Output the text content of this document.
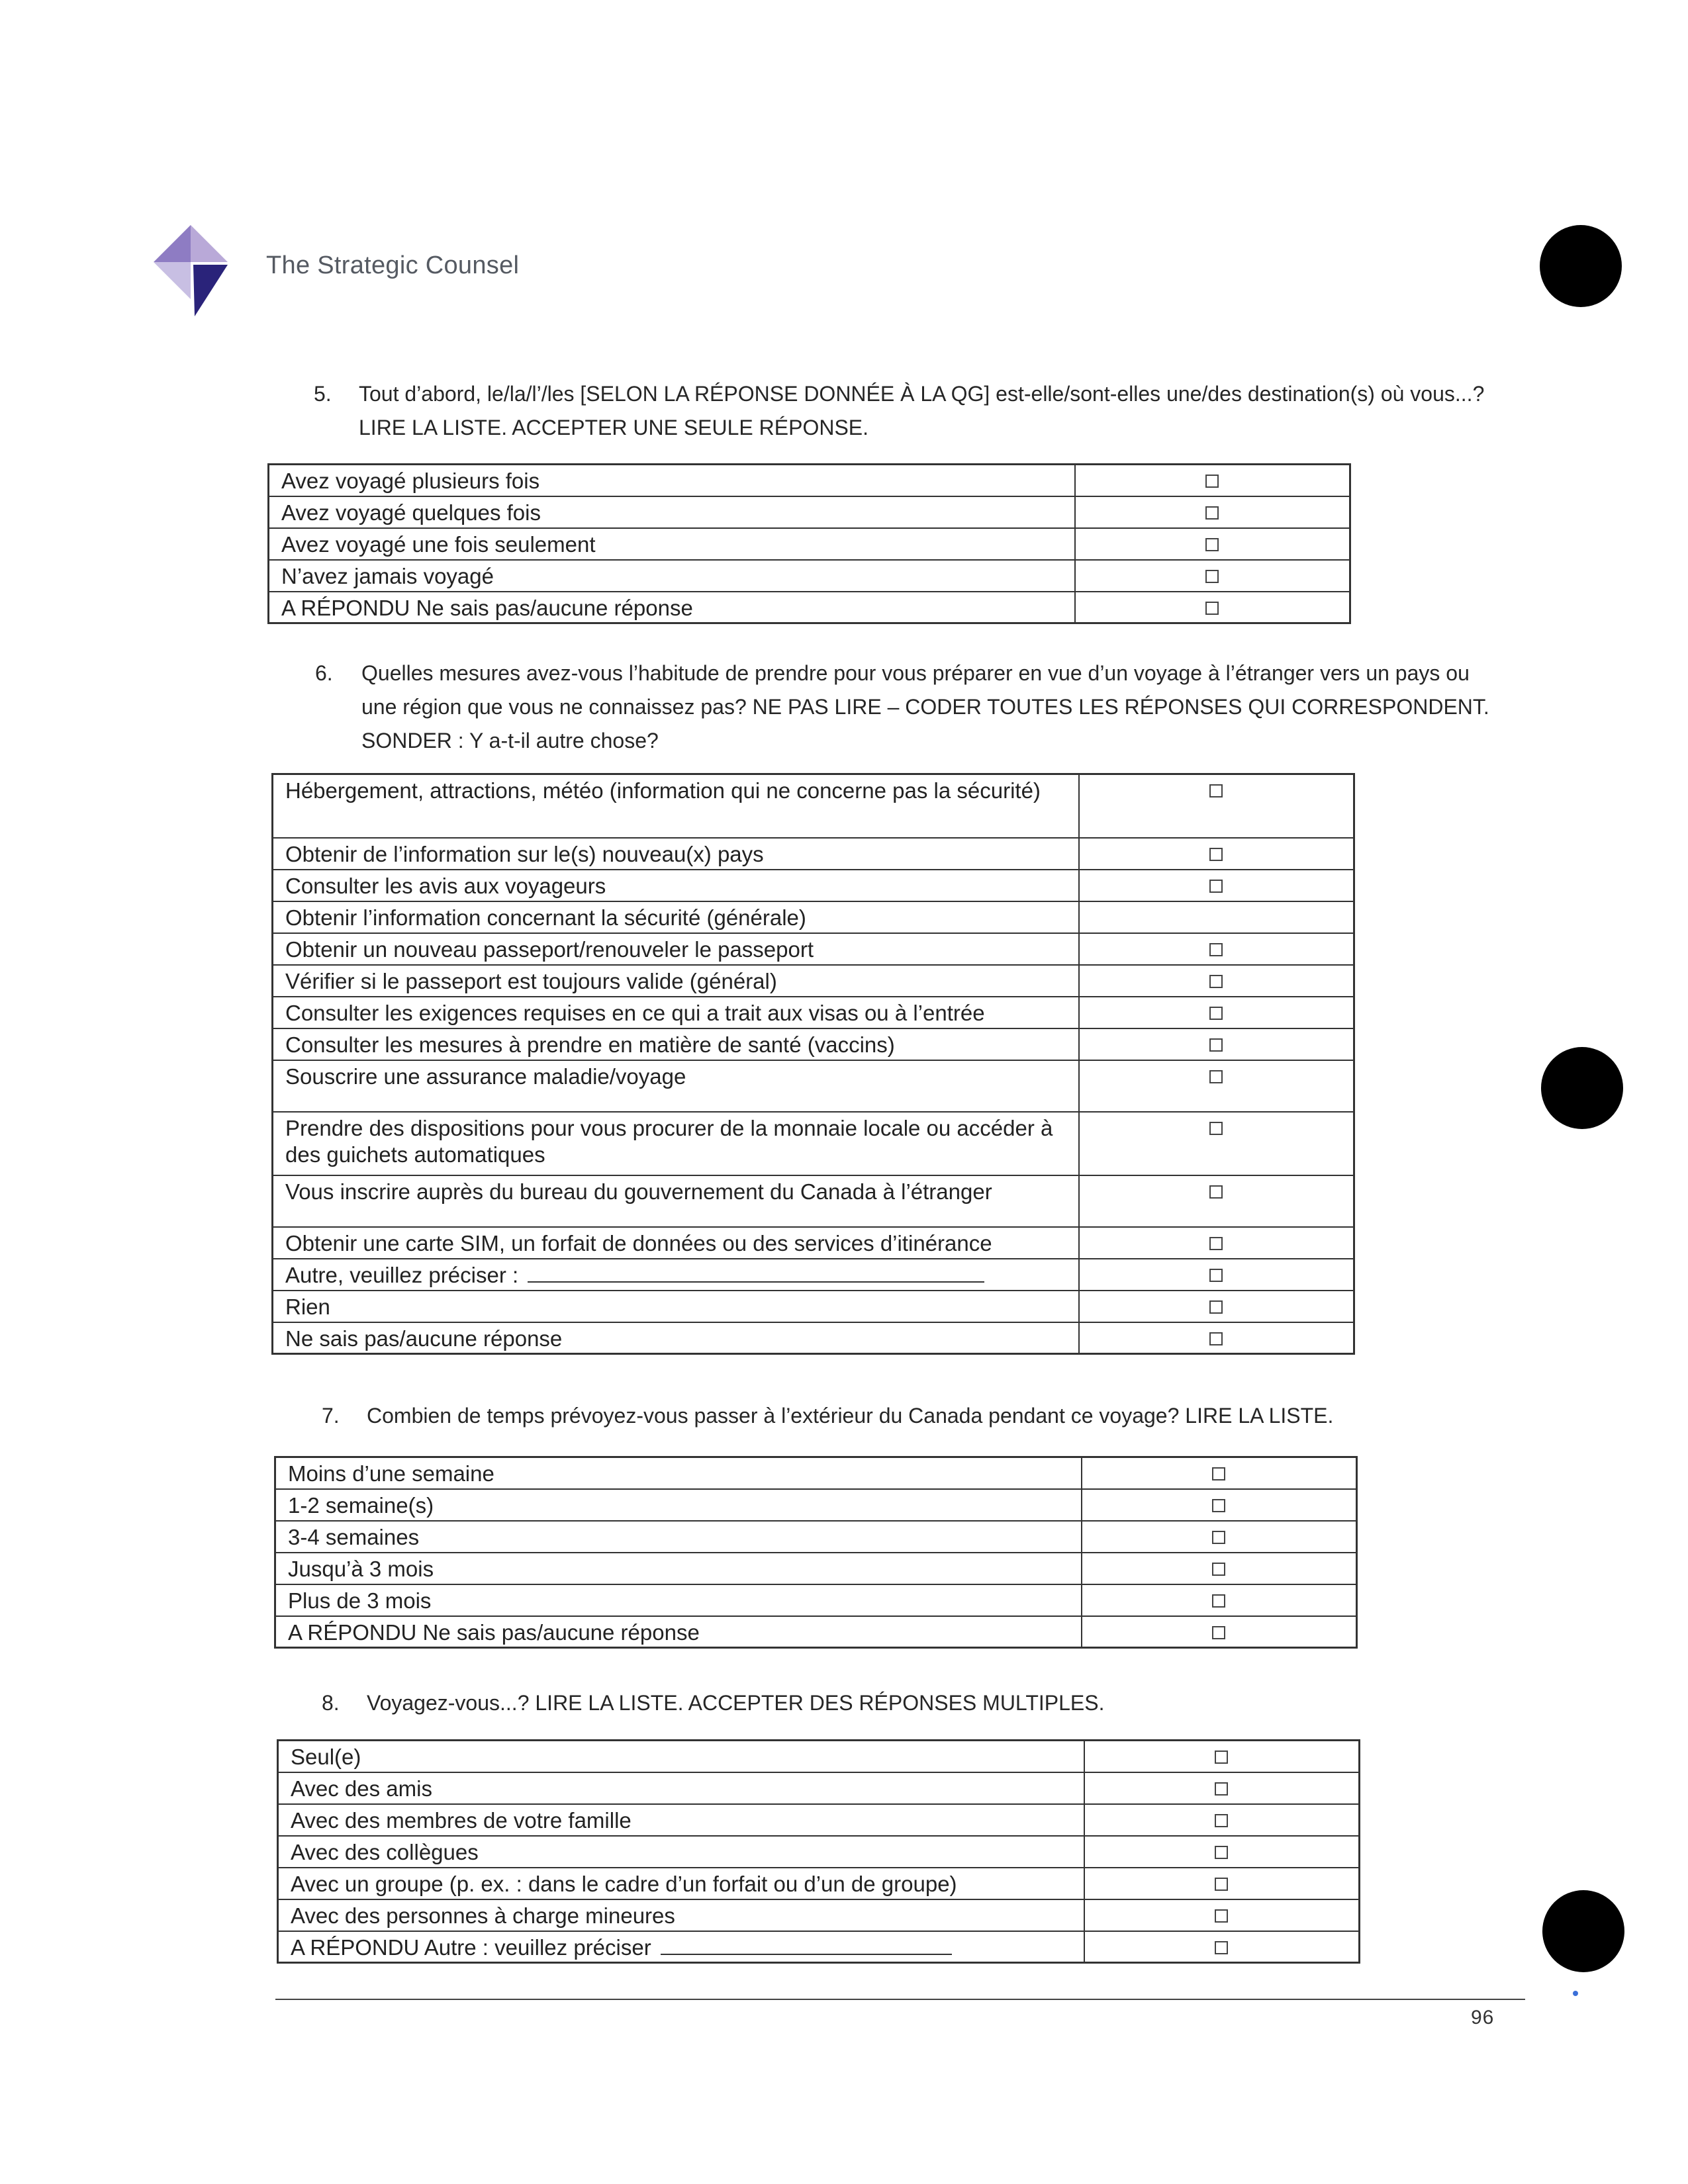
The Strategic Counsel
5.	Tout d’abord, le/la/l’/les [SELON LA RÉPONSE DONNÉE À LA QG] est-elle/sont-elles une/des destination(s) où vous...? LIRE LA LISTE. ACCEPTER UNE SEULE RÉPONSE.
Avez voyagé plusieurs fois	
Avez voyagé quelques fois	
Avez voyagé une fois seulement	
N’avez jamais voyagé	
A RÉPONDU Ne sais pas/aucune réponse	
6.	Quelles mesures avez-vous l’habitude de prendre pour vous préparer en vue d’un voyage à l’étranger vers un pays ou une région que vous ne connaissez pas? NE PAS LIRE – CODER TOUTES LES RÉPONSES QUI CORRESPONDENT. SONDER : Y a-t-il autre chose?
Hébergement, attractions, météo (information qui ne concerne pas la sécurité)	
Obtenir de l’information sur le(s) nouveau(x) pays	
Consulter les avis aux voyageurs	
Obtenir l’information concernant la sécurité (générale)	
Obtenir un nouveau passeport/renouveler le passeport	
Vérifier si le passeport est toujours valide (général)	
Consulter les exigences requises en ce qui a trait aux visas ou à l’entrée	
Consulter les mesures à prendre en matière de santé (vaccins)	
Souscrire une assurance maladie/voyage	
Prendre des dispositions pour vous procurer de la monnaie locale ou accéder à des guichets automatiques	
Vous inscrire auprès du bureau du gouvernement du Canada à l’étranger	
Obtenir une carte SIM, un forfait de données ou des services d’itinérance	
Autre, veuillez préciser :	
Rien	
Ne sais pas/aucune réponse	
7.	Combien de temps prévoyez-vous passer à l’extérieur du Canada pendant ce voyage? LIRE LA LISTE.
Moins d’une semaine	
1-2 semaine(s)	
3-4 semaines	
Jusqu’à 3 mois	
Plus de 3 mois	
A RÉPONDU Ne sais pas/aucune réponse	
8.	Voyagez-vous...? LIRE LA LISTE. ACCEPTER DES RÉPONSES MULTIPLES.
Seul(e)	
Avec des amis	
Avec des membres de votre famille	
Avec des collègues	
Avec un groupe (p. ex. : dans le cadre d’un forfait ou d’un de groupe)	
Avec des personnes à charge mineures	
A RÉPONDU Autre : veuillez préciser	
96
